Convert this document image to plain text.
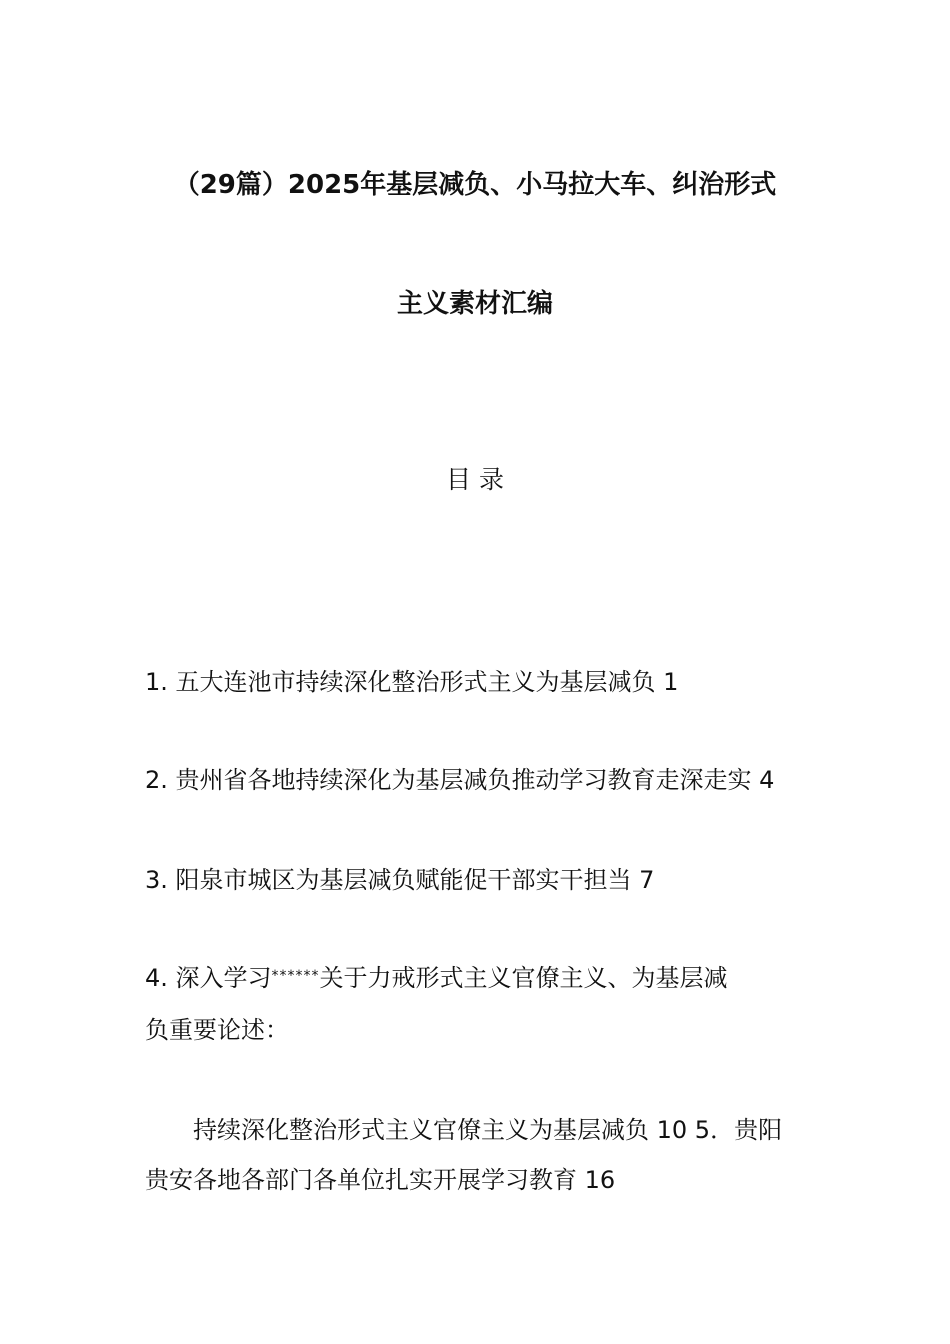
（29篇）2025年基层减负、小马拉大车、纠治形式
主义素材汇编
目 录
1. 五大连池市持续深化整治形式主义为基层减负 1
2. 贵州省各地持续深化为基层减负推动学习教育走深走实 4
3. 阳泉市城区为基层减负赋能促干部实干担当 7
4. 深入学习******关于力戒形式主义官僚主义、为基层减
负重要论述：
持续深化整治形式主义官僚主义为基层减负 10 5．贵阳
贵安各地各部门各单位扎实开展学习教育 16
